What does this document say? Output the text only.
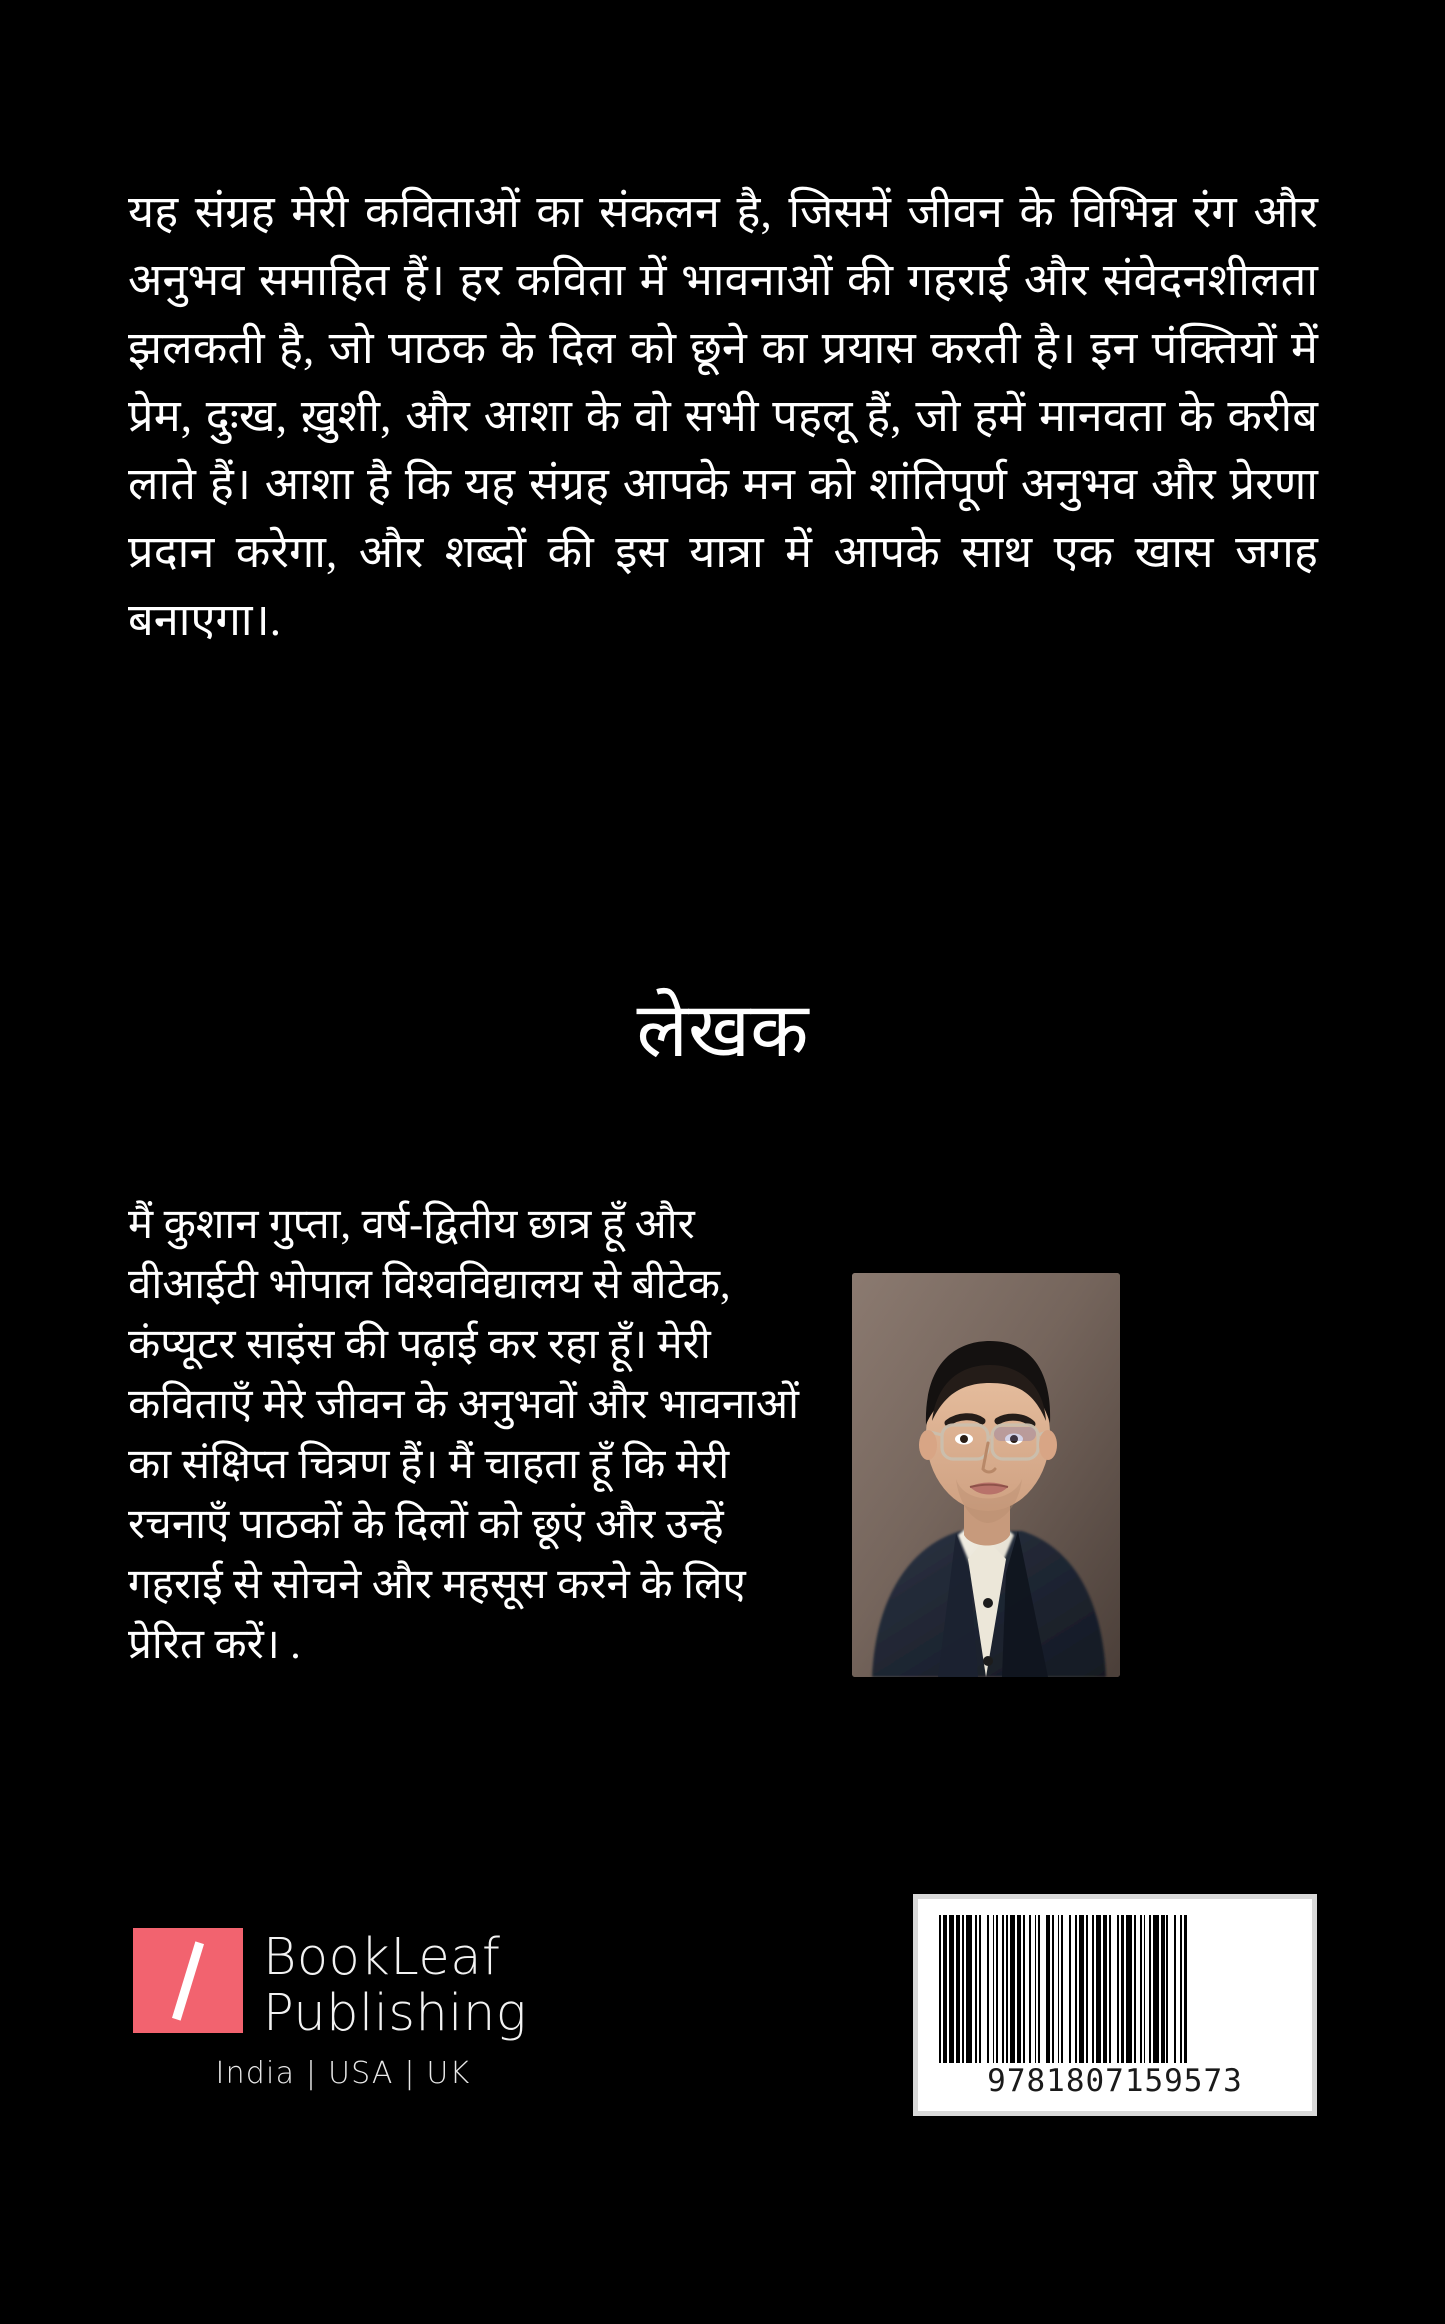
यह संग्रह मेरी कविताओं का संकलन है, जिसमें जीवन के विभिन्न रंग और अनुभव समाहित हैं। हर कविता में भावनाओं की गहराई और संवेदनशीलता झलकती है, जो पाठक के दिल को छूने का प्रयास करती है। इन पंक्तियों में प्रेम, दुःख, ख़ुशी, और आशा के वो सभी पहलू हैं, जो हमें मानवता के करीब लाते हैं। आशा है कि यह संग्रह आपके मन को शांतिपूर्ण अनुभव और प्रेरणा प्रदान करेगा, और शब्दों की इस यात्रा में आपके साथ एक खास जगह बनाएगा।.

लेखक

मैं कुशान गुप्ता, वर्ष-द्वितीय छात्र हूँ और वीआईटी भोपाल विश्वविद्यालय से बीटेक, कंप्यूटर साइंस की पढ़ाई कर रहा हूँ। मेरी कविताएँ मेरे जीवन के अनुभवों और भावनाओं का संक्षिप्त चित्रण हैं। मैं चाहता हूँ कि मेरी रचनाएँ पाठकों के दिलों को छूएं और उन्हें गहराई से सोचने और महसूस करने के लिए प्रेरित करें। .

BookLeaf
Publishing
India | USA | UK	9781807159573
